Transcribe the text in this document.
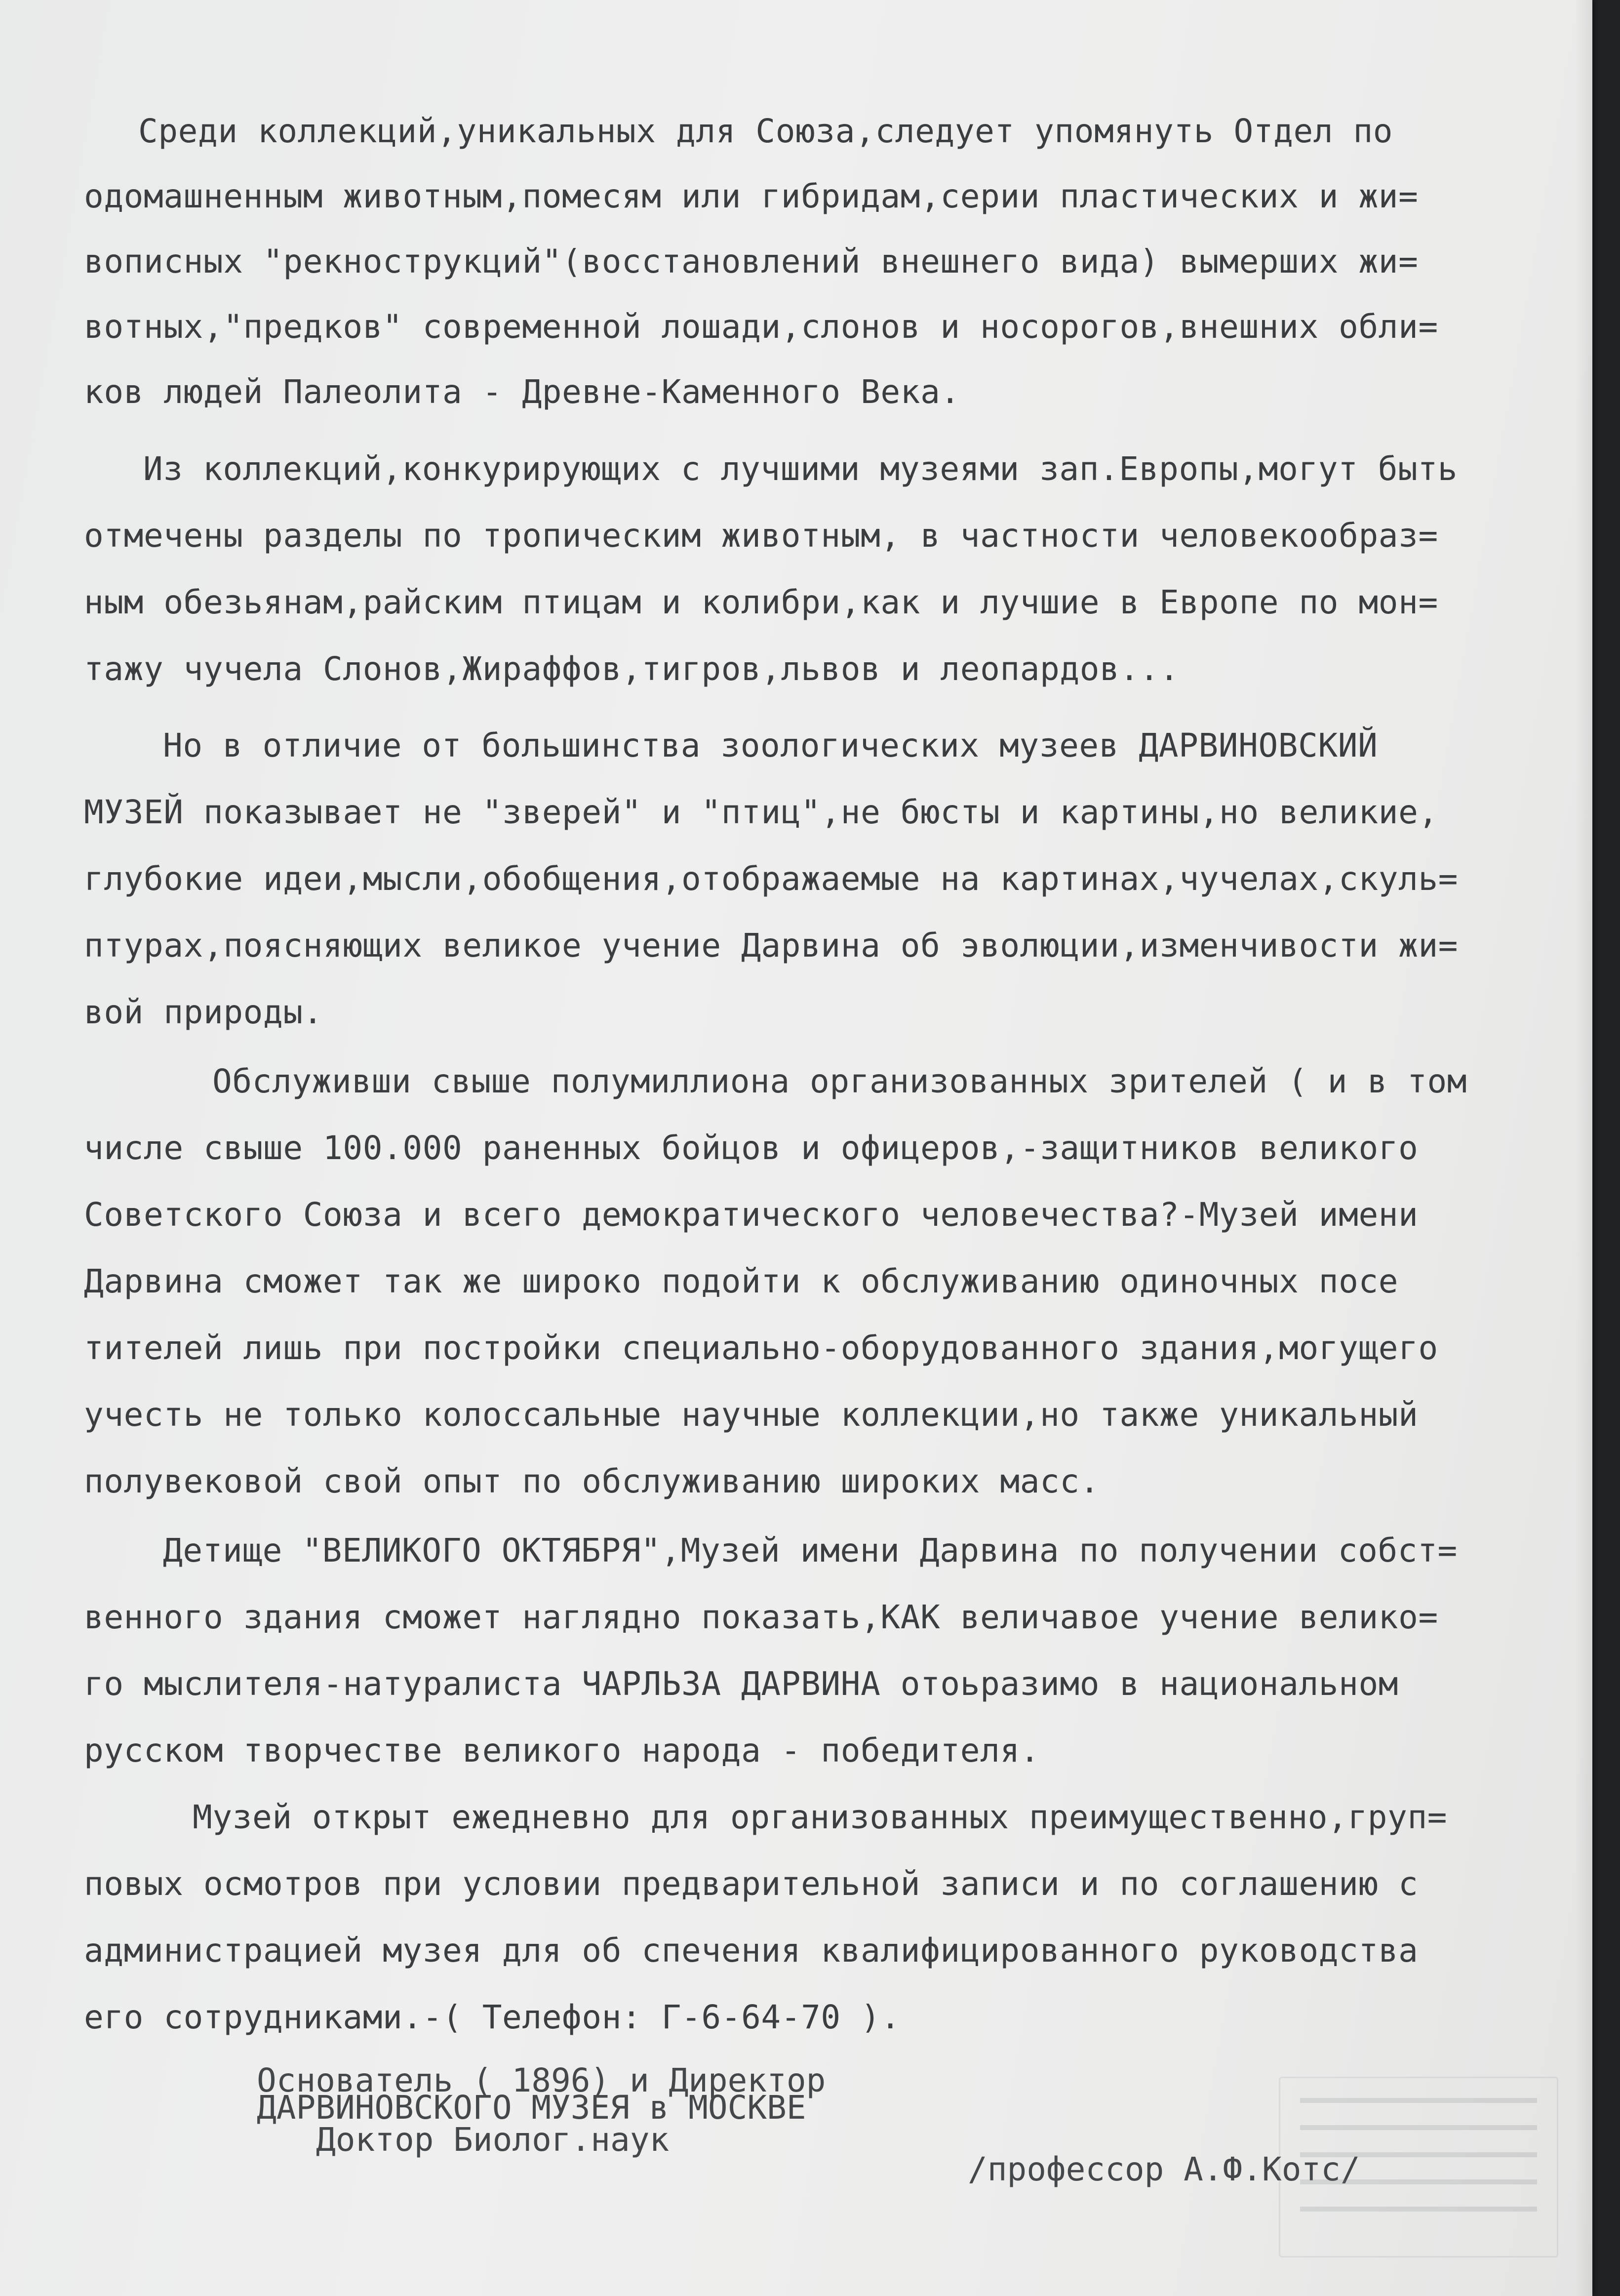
Среди коллекций,уникальных для Союза,следует упомянуть Отдел по

одомашненным животным,помесям или гибридам,серии пластических и жи=

вописных "рекнострукций"(восстановлений внешнего вида) вымерших жи=

вотных,"предков" современной лошади,слонов и носорогов,внешних обли=

ков людей Палеолита - Древне-Каменного Века.

Из коллекций,конкурирующих с лучшими музеями зап.Европы,могут быть

отмечены разделы по тропическим животным, в частности человекообраз=

ным обезьянам,райским птицам и колибри,как и лучшие в Европе по мон=

тажу чучела Слонов,Жираффов,тигров,львов и леопардов...

Но в отличие от большинства зоологических музеев ДАРВИНОВСКИЙ

МУЗЕЙ показывает не "зверей" и "птиц",не бюсты и картины,но великие,

глубокие идеи,мысли,обобщения,отображаемые на картинах,чучелах,скуль=

птурах,поясняющих великое учение Дарвина об эволюции,изменчивости жи=

вой природы.

Обслуживши свыше полумиллиона организованных зрителей ( и в том

числе свыше 100.000 раненных бойцов и офицеров,-защитников великого

Советского Союза и всего демократического человечества?-Музей имени

Дарвина сможет так же широко подойти к обслуживанию одиночных посе

тителей лишь при постройки специально-оборудованного здания,могущего

учесть не только колоссальные научные коллекции,но также уникальный

полувековой свой опыт по обслуживанию широких масс.

Детище "ВЕЛИКОГО ОКТЯБРЯ",Музей имени Дарвина по получении собст=

венного здания сможет наглядно показать,КАК величавое учение велико=

го мыслителя-натуралиста ЧАРЛЬЗА ДАРВИНА отоьразимо в национальном

русском творчестве великого народа - победителя.

Музей открыт ежедневно для организованных преимущественно,груп=

повых осмотров при условии предварительной записи и по соглашению с

администрацией музея для об спечения квалифицированного руководства

его сотрудниками.-( Телефон: Г-6-64-70 ).

Основатель ( 1896) и Директор

ДАРВИНОВСКОГО МУЗЕЯ в МОСКВЕ

Доктор Биолог.наук

/профессор А.Ф.Котс/
